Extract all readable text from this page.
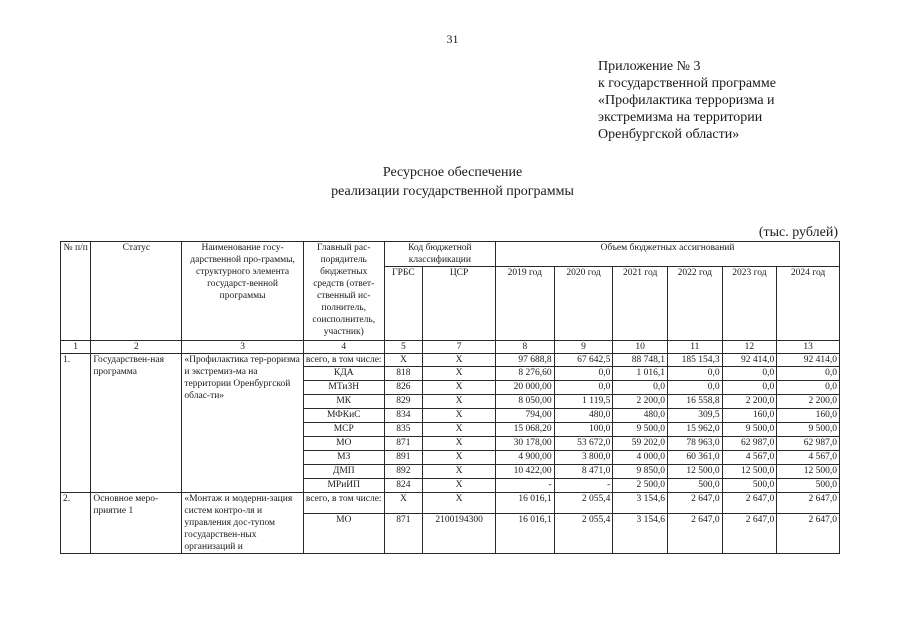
31
Приложение № 3
к государственной программе
«Профилактика терроризма и
экстремизма на территории
Оренбургской области»
Ресурсное обеспечение
реализации государственной программы
(тыс. рублей)
№ п/п	Статус	Наименование госу-дарственной про-граммы, структурного элемента государст-венной программы	Главный рас-порядитель бюджетных средств (ответ-ственный ис-полнитель, соисполнитель, участник)	Код бюджетной классификации		Объем бюджетных ассигнований					
				ГРБС	ЦСР	2019 год	2020 год	2021 год	2022 год	2023 год	2024 год
1	2	3	4	5	7	8	9	10	11	12	13
1.	Государствен-ная программа	«Профилактика тер-роризма и экстремиз-ма на территории Оренбургской облас-ти»	всего, в том числе:	Х	Х	97 688,8	67 642,5	88 748,1	185 154,3	92 414,0	92 414,0
			КДА	818	Х	8 276,60	0,0	1 016,1	0,0	0,0	0,0
			МТиЗН	826	Х	20 000,00	0,0	0,0	0,0	0,0	0,0
			МК	829	Х	8 050,00	1 119,5	2 200,0	16 558,8	2 200,0	2 200,0
			МФКиС	834	Х	794,00	480,0	480,0	309,5	160,0	160,0
			МСР	835	Х	15 068,20	100,0	9 500,0	15 962,0	9 500,0	9 500,0
			МО	871	Х	30 178,00	53 672,0	59 202,0	78 963,0	62 987,0	62 987,0
			МЗ	891	Х	4 900,00	3 800,0	4 000,0	60 361,0	4 567,0	4 567,0
			ДМП	892	Х	10 422,00	8 471,0	9 850,0	12 500,0	12 500,0	12 500,0
			МРиИП	824	Х	-	-	2 500,0	500,0	500,0	500,0
2.	Основное меро-приятие 1	«Монтаж и модерни-зация систем контро-ля и управления дос-тупом государствен-ных организаций и	всего, в том числе:	Х	Х	16 016,1	2 055,4	3 154,6	2 647,0	2 647,0	2 647,0
			МО	871	2100194300	16 016,1	2 055,4	3 154,6	2 647,0	2 647,0	2 647,0
